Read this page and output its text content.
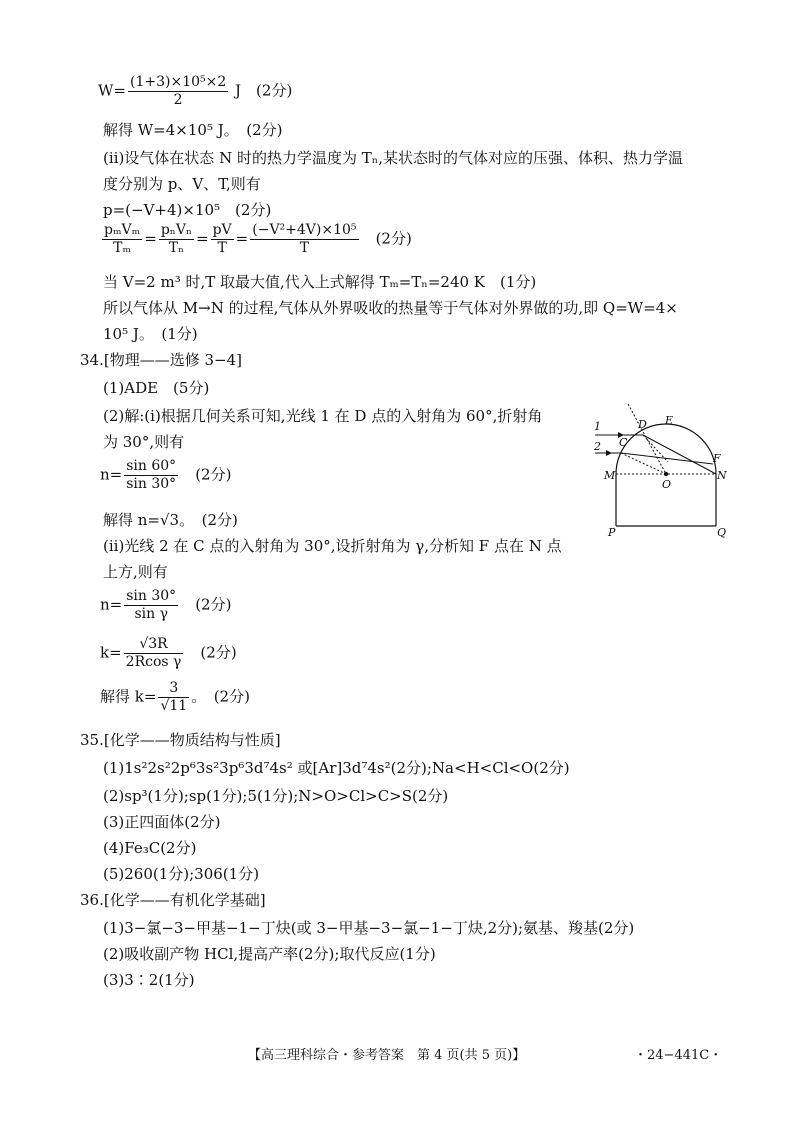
$W= \frac{\text{(1+3)×10⁵×2}}{2}$ J　(2分)
解得 W=4×10⁵ J。　(2分)
(ⅱ)设气体在状态 N 时的热力学温度为 Tₙ,某状态时的气体对应的压强、体积、热力学温
度分别为 p、V、T,则有
p=(−V+4)×10⁵　(2分)
$\frac{\text{pₘVₘ}}{\text{Tₘ}} = \frac{\text{pₙVₙ}}{\text{Tₙ}} = \frac{pV}{T} = \frac{\text{(−V²+4V)×10⁵}}{T}$
　 (2分)
当 V=2 m³ 时,T 取最大值,代入上式解得 Tₘ=Tₙ=240 K　(1分)
所以气体从 M→N 的过程,气体从外界吸收的热量等于气体对外界做的功,即 Q=W=4×
10⁵ J。　(1分)
34.[物理——选修 3−4]
(1)ADE　(5分)
(2)解:(ⅰ)根据几何关系可知,光线 1 在 D 点的入射角为 60°,折射角
为 30°,则有
$n= \frac{\sin 60^\circ}{\sin 30^\circ}$
　 (2分)
解得 n=√3。　(2分)
(ⅱ)光线 2 在 C 点的入射角为 30°,设折射角为 γ,分析知 F 点在 N 点
上方,则有
$n= \frac{\sin 30^\circ}{\text{sin γ}}$
　 (2分)
$k= \frac{√3R}{\text{2Rcos γ}}$
　 (2分)
解得 $k= \frac{3}{√11}$ 。　(2分)
35.[化学——物质结构与性质]
(1)1s²2s²2p⁶3s²3p⁶3d⁷4s² 或[Ar]3d⁷4s²(2分);Na<H<Cl<O(2分)
(2)sp³(1分);sp(1分);5(1分);N>O>Cl>C>S(2分)
(3)正四面体(2分)
(4)Fe₃C(2分)
(5)260(1分);306(1分)
36.[化学——有机化学基础]
(1)3−氯−3−甲基−1−丁炔(或 3−甲基−3−氯−1−丁炔,2分);氨基、羧基(2分)
(2)吸收副产物 HCl,提高产率(2分);取代反应(1分)
(3)3∶2(1分)
1
2
D E
C
F
N
M
O
P	Q
【高三理科综合・参考答案　第 4 页(共 5 页)】	・24−441C・
